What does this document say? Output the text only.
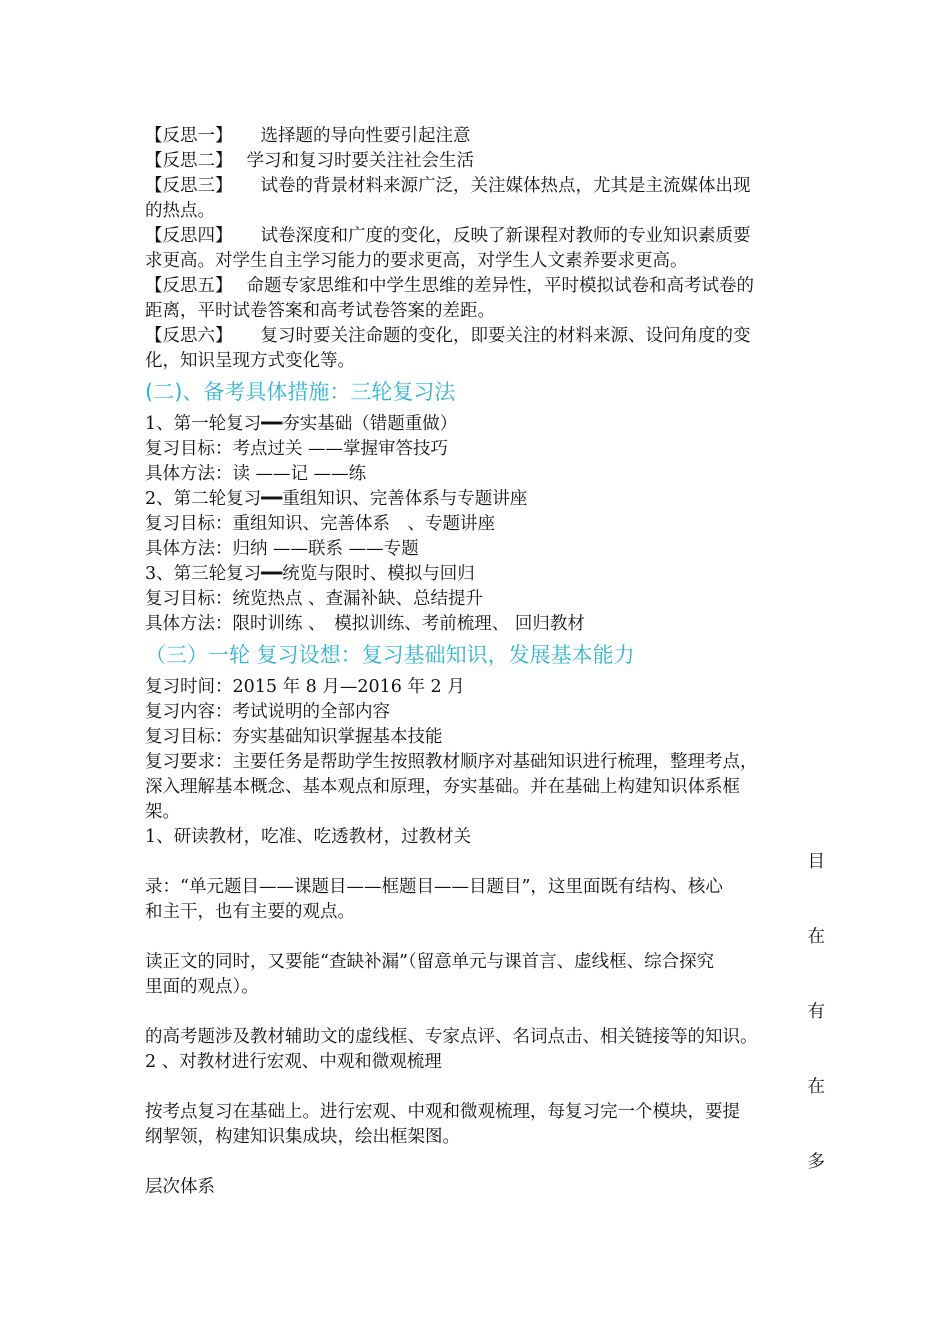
【反思一】 选择题的导向性要引起注意
【反思二】 学习和复习时要关注社会生活
【反思三】 试卷的背景材料来源广泛，关注媒体热点，尤其是主流媒体出现
的热点。
【反思四】 试卷深度和广度的变化，反映了新课程对教师的专业知识素质要
求更高。对学生自主学习能力的要求更高，对学生人文素养要求更高。
【反思五】 命题专家思维和中学生思维的差异性，平时模拟试卷和高考试卷的
距离，平时试卷答案和高考试卷答案的差距。
【反思六】 复习时要关注命题的变化，即要关注的材料来源、设问角度的变
化，知识呈现方式变化等。
(二)、备考具体措施：三轮复习法
1、第一轮复习━━夯实基础（错题重做）
复习目标：考点过关 ——掌握审答技巧
具体方法：读 ——记 ——练
2、第二轮复习━━重组知识、完善体系与专题讲座
复习目标：重组知识、完善体系　、专题讲座
具体方法：归纳 ——联系 ——专题
3、第三轮复习━━统览与限时、模拟与回归
复习目标：统览热点 、查漏补缺、总结提升
具体方法：限时训练 、　模拟训练、考前梳理、 回归教材
（三）一轮 复习设想：复习基础知识，发展基本能力
复习时间：2015 年 8 月—2016 年 2 月
复习内容：考试说明的全部内容
复习目标：夯实基础知识掌握基本技能
复习要求：主要任务是帮助学生按照教材顺序对基础知识进行梳理，整理考点，
深入理解基本概念、基本观点和原理，夯实基础。并在基础上构建知识体系框
架。
1、研读教材，吃准、吃透教材，过教材关
目
录：“单元题目——课题目——框题目——目题目”，这里面既有结构、核心
和主干，也有主要的观点。
在
读正文的同时，又要能“查缺补漏”（留意单元与课首言、虚线框、综合探究
里面的观点）。
有
的高考题涉及教材辅助文的虚线框、专家点评、名词点击、相关链接等的知识。
2 、对教材进行宏观、中观和微观梳理
在
按考点复习在基础上。进行宏观、中观和微观梳理，每复习完一个模块，要提
纲挈领，构建知识集成块，绘出框架图。
多
层次体系
